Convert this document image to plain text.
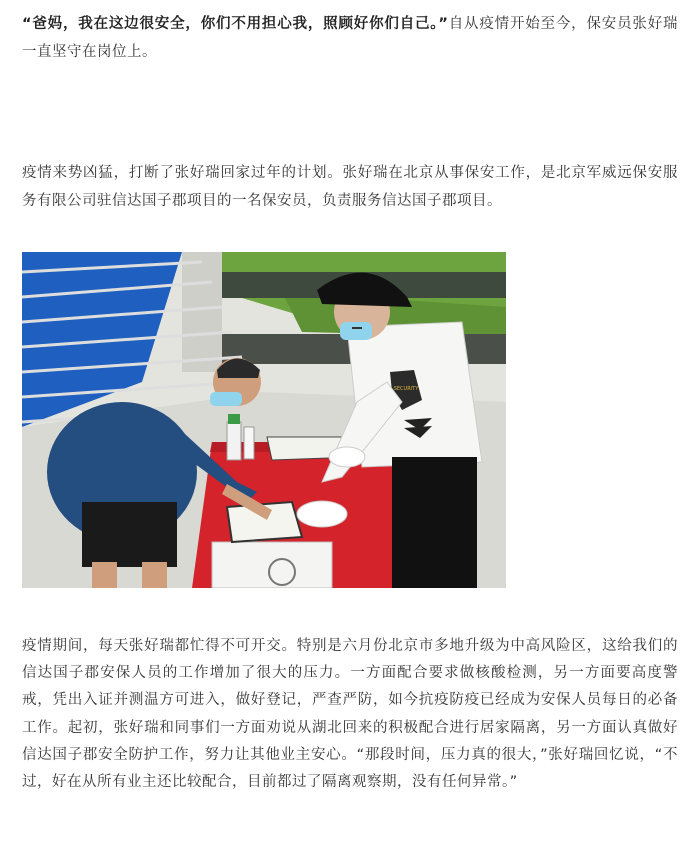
“爸妈，我在这边很安全，你们不用担心我，照顾好你们自己。”自从疫情开始至今，保安员张好瑞一直坚守在岗位上。

疫情来势凶猛，打断了张好瑞回家过年的计划。张好瑞在北京从事保安工作，是北京军威远保安服务有限公司驻信达国子郡项目的一名保安员，负责服务信达国子郡项目。

SECURITY

疫情期间，每天张好瑞都忙得不可开交。特别是六月份北京市多地升级为中高风险区，这给我们的信达国子郡安保人员的工作增加了很大的压力。一方面配合要求做核酸检测，另一方面要高度警戒，凭出入证并测温方可进入，做好登记，严查严防，如今抗疫防疫已经成为安保人员每日的必备工作。起初，张好瑞和同事们一方面劝说从湖北回来的积极配合进行居家隔离，另一方面认真做好信达国子郡安全防护工作，努力让其他业主安心。“那段时间，压力真的很大，”张好瑞回忆说，“不过，好在从所有业主还比较配合，目前都过了隔离观察期，没有任何异常。”
